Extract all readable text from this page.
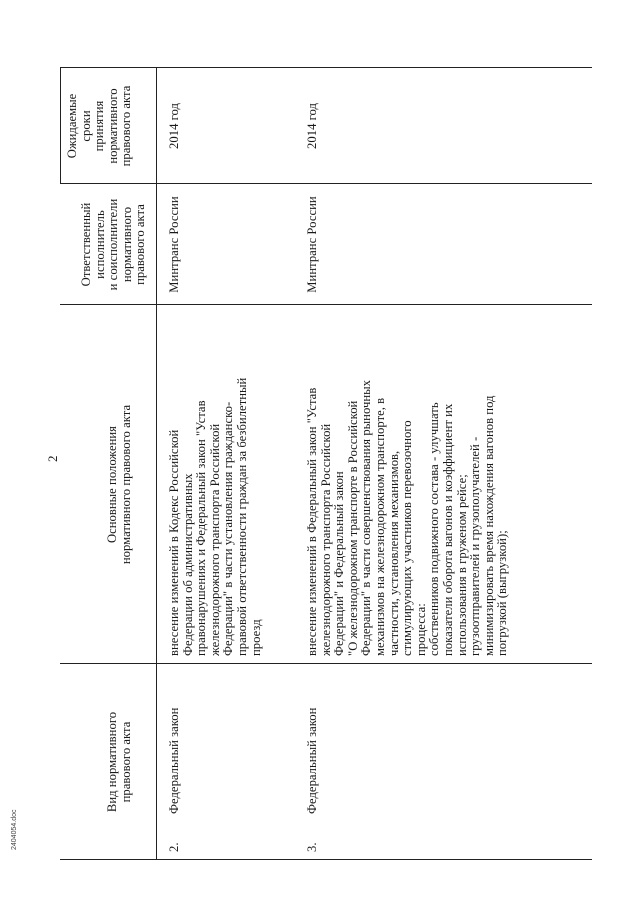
2
Вид нормативного
правового акта
Основные положения
нормативного правового акта
Ответственный
исполнитель
и соисполнители
нормативного
правового акта
Ожидаемые
сроки
принятия
нормативного
правового акта
2.
Федеральный закон
внесение изменений в Кодекс Российской
Федерации об административных
правонарушениях и Федеральный закон "Устав
железнодорожного транспорта Российской
Федерации" в части установления гражданско-
правовой ответственности граждан за безбилетный
проезд
Минтранс России
2014 год
3.
Федеральный закон
внесение изменений в Федеральный закон "Устав
железнодорожного транспорта Российской
Федерации" и Федеральный закон
"О железнодорожном транспорте в Российской
Федерации" в части совершенствования рыночных
механизмов на железнодорожном транспорте, в
частности, установления механизмов,
стимулирующих участников перевозочного
процесса:
собственников подвижного состава - улучшать
показатели оборота вагонов и коэффициент их
использования в груженом рейсе;
грузоотправителей и грузополучателей -
минимизировать время нахождения вагонов под
погрузкой (выгрузкой);
Минтранс России
2014 год
2404054.doc
